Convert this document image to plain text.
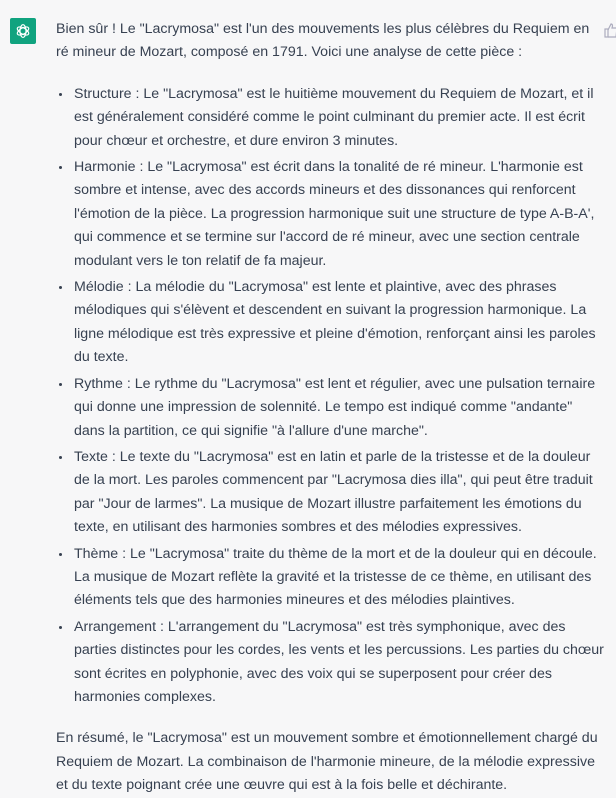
Bien sûr ! Le "Lacrymosa" est l'un des mouvements les plus célèbres du Requiem en ré mineur de Mozart, composé en 1791. Voici une analyse de cette pièce :

Structure : Le "Lacrymosa" est le huitième mouvement du Requiem de Mozart, et il est généralement considéré comme le point culminant du premier acte. Il est écrit pour chœur et orchestre, et dure environ 3 minutes.
Harmonie : Le "Lacrymosa" est écrit dans la tonalité de ré mineur. L'harmonie est sombre et intense, avec des accords mineurs et des dissonances qui renforcent l'émotion de la pièce. La progression harmonique suit une structure de type A-B-A', qui commence et se termine sur l'accord de ré mineur, avec une section centrale modulant vers le ton relatif de fa majeur.
Mélodie : La mélodie du "Lacrymosa" est lente et plaintive, avec des phrases mélodiques qui s'élèvent et descendent en suivant la progression harmonique. La ligne mélodique est très expressive et pleine d'émotion, renforçant ainsi les paroles du texte.
Rythme : Le rythme du "Lacrymosa" est lent et régulier, avec une pulsation ternaire qui donne une impression de solennité. Le tempo est indiqué comme "andante" dans la partition, ce qui signifie "à l'allure d'une marche".
Texte : Le texte du "Lacrymosa" est en latin et parle de la tristesse et de la douleur de la mort. Les paroles commencent par "Lacrymosa dies illa", qui peut être traduit par "Jour de larmes". La musique de Mozart illustre parfaitement les émotions du texte, en utilisant des harmonies sombres et des mélodies expressives.
Thème : Le "Lacrymosa" traite du thème de la mort et de la douleur qui en découle. La musique de Mozart reflète la gravité et la tristesse de ce thème, en utilisant des éléments tels que des harmonies mineures et des mélodies plaintives.
Arrangement : L'arrangement du "Lacrymosa" est très symphonique, avec des parties distinctes pour les cordes, les vents et les percussions. Les parties du chœur sont écrites en polyphonie, avec des voix qui se superposent pour créer des harmonies complexes.

En résumé, le "Lacrymosa" est un mouvement sombre et émotionnellement chargé du Requiem de Mozart. La combinaison de l'harmonie mineure, de la mélodie expressive et du texte poignant crée une œuvre qui est à la fois belle et déchirante.
